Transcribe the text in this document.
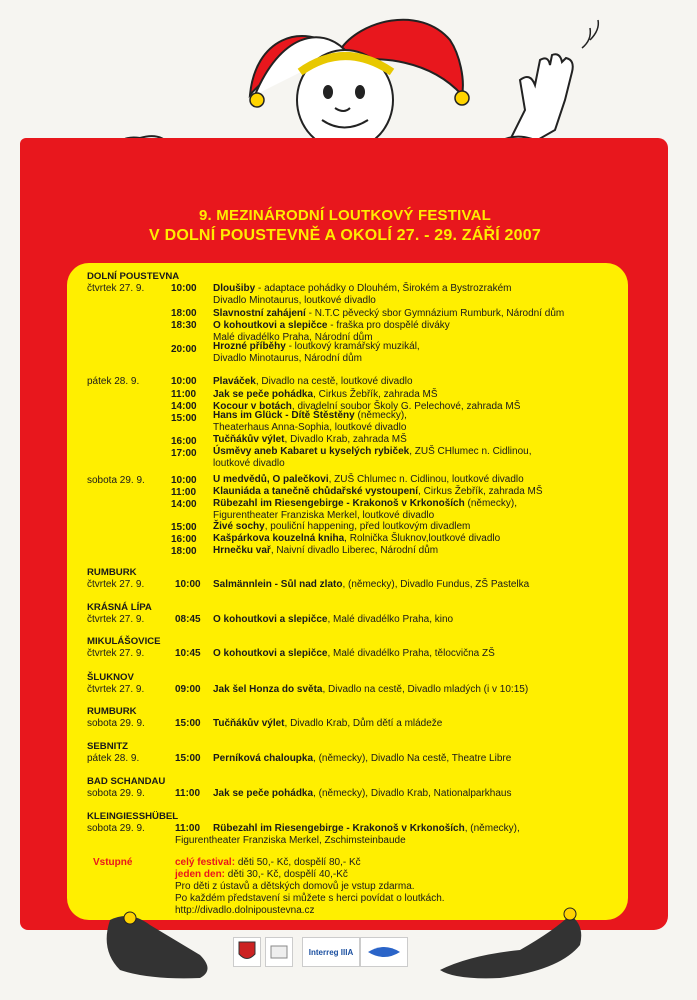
9. MEZINÁRODNÍ LOUTKOVÝ FESTIVAL
V DOLNÍ POUSTEVNĚ A OKOLÍ 27. - 29. ZÁŘÍ 2007
DOLNÍ POUSTEVNA
čtvrtek 27. 9.	10:00 Dloušiby - adaptace pohádky o Dlouhém, Širokém a Bystrozrakém
Divadlo Minotaurus, loutkové divadlo
18:00 Slavnostní zahájení - N.T.C pěvecký sbor Gymnázium Rumburk, Národní dům
18:30 O kohoutkovi a slepičce - fraška pro dospělé diváky
Malé divadélko Praha, Národní dům
20:00 Hrozné příběhy - loutkový kramářský muzikál,
Divadlo Minotaurus, Národní dům
pátek 28. 9.	10:00 Plaváček, Divadlo na cestě, loutkové divadlo
11:00 Jak se peče pohádka, Cirkus Žebřík, zahrada MŠ
14:00 Kocour v botách, divadelní soubor Školy G. Pelechové, zahrada MŠ
15:00 Hans im Glück - Dítě Štěstěny (německy),
Theaterhaus Anna-Sophia, loutkové divadlo
16:00 Tučňákův výlet, Divadlo Krab, zahrada MŠ
17:00 Úsměvy aneb Kabaret u kyselých rybiček, ZUŠ CHlumec n. Cidlinou,
loutkové divadlo
sobota 29. 9.	10:00 U medvědů, O palečkovi, ZUŠ Chlumec n. Cidlinou, loutkové divadlo
11:00 Klauniáda a tanečně chůdařské vystoupení, Cirkus Žebřík, zahrada MŠ
14:00 Rübezahl im Riesengebirge - Krakonoš v Krkonoších (německy),
Figurentheater Franziska Merkel, loutkové divadlo
15:00 Živé sochy, pouliční happening, před loutkovým divadlem
16:00 Kašpárkova kouzelná kniha, Rolnička Šluknov,loutkové divadlo
18:00 Hrnečku vař, Naivní divadlo Liberec, Národní dům
RUMBURK
čtvrtek 27. 9.	10:00 Salmännlein - Sůl nad zlato, (německy), Divadlo Fundus, ZŠ Pastelka
KRÁSNÁ LÍPA
čtvrtek 27. 9.	08:45 O kohoutkovi a slepičce, Malé divadélko Praha, kino
MIKULÁŠOVICE
čtvrtek 27. 9.	10:45 O kohoutkovi a slepičce, Malé divadélko Praha, tělocvična ZŠ
ŠLUKNOV
čtvrtek 27. 9.	09:00 Jak šel Honza do světa, Divadlo na cestě, Divadlo mladých (i v 10:15)
RUMBURK
sobota 29. 9.	15:00 Tučňákův výlet, Divadlo Krab, Dům dětí a mládeže
SEBNITZ
pátek 28. 9.	15:00 Perníková chaloupka, (německy), Divadlo Na cestě, Theatre Libre
BAD SCHANDAU
sobota 29. 9.	11:00 Jak se peče pohádka, (německy), Divadlo Krab, Nationalparkhaus
KLEINGIESSHÜBEL
sobota 29. 9.	11:00 Rübezahl im Riesengebirge - Krakonoš v Krkonoších, (německy),
Figurentheater Franziska Merkel, Zschimsteinbaude
Vstupné	celý festival: děti 50,- Kč, dospělí 80,- Kč
jeden den: děti 30,- Kč, dospělí 40,-Kč
Pro děti z ústavů a dětských domovů je vstup zdarma.
Po každém představení si můžete s herci povídat o loutkách.
http://divadlo.dolnipoustevna.cz
Interreg IIIA
